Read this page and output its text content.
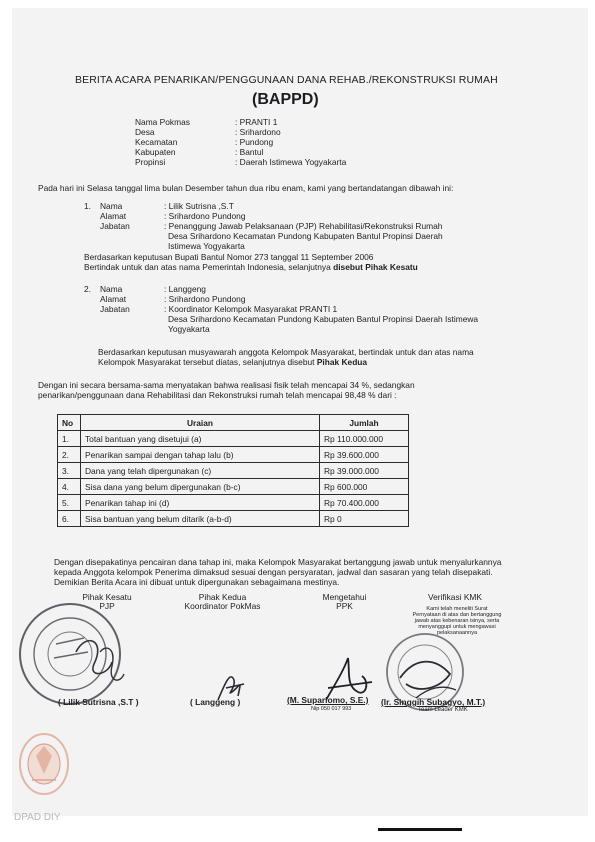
BERITA ACARA PENARIKAN/PENGGUNAAN DANA REHAB./REKONSTRUKSI RUMAH
(BAPPD)
Nama Pokmas	: PRANTI 1
Desa	: Srihardono
Kecamatan	: Pundong
Kabupaten	: Bantul
Propinsi	: Daerah Istimewa Yogyakarta
Pada hari ini Selasa tanggal lima bulan Desember tahun dua ribu enam, kami yang bertandatangan dibawah ini:
1.	Nama	: Lilik Sutrisna ,S.T
Alamat	: Srihardono Pundong
Jabatan	: Penanggung Jawab Pelaksanaan (PJP) Rehabilitasi/Rekonstruksi Rumah
Desa Srihardono Kecamatan Pundong Kabupaten Bantul Propinsi Daerah
Istimewa Yogyakarta
Berdasarkan keputusan Bupati Bantul Nomor 273 tanggal 11 September 2006
Bertindak untuk dan atas nama Pemerintah Indonesia, selanjutnya disebut Pihak Kesatu
2.	Nama	: Langgeng
Alamat	: Srihardono Pundong
Jabatan	: Koordinator Kelompok Masyarakat PRANTI 1
Desa Srihardono Kecamatan Pundong Kabupaten Bantul Propinsi Daerah Istimewa
Yogyakarta
Berdasarkan keputusan musyawarah anggota Kelompok Masyarakat, bertindak untuk dan atas nama
Kelompok Masyarakat tersebut diatas, selanjutnya disebut Pihak Kedua
Dengan ini secara bersama-sama menyatakan bahwa realisasi fisik telah mencapai 34 %, sedangkan
penarikan/penggunaan dana Rehabilitasi dan Rekonstruksi rumah telah mencapai 98,48 % dari :
No	Uraian	Jumlah
1.	Total bantuan yang disetujui (a)	Rp 110.000.000
2.	Penarikan sampai dengan tahap lalu (b)	Rp 39.600.000
3.	Dana yang telah dipergunakan (c)	Rp 39.000.000
4.	Sisa dana yang belum dipergunakan (b-c)	Rp 600.000
5.	Penarikan tahap ini (d)	Rp 70.400.000
6.	Sisa bantuan yang belum ditarik (a-b-d)	Rp 0
Dengan disepakatinya pencairan dana tahap ini, maka Kelompok Masyarakat bertanggung jawab untuk menyalurkannya
kepada Anggota kelompok Penerima dimaksud sesuai dengan persyaratan, jadwal dan sasaran yang telah disepakati.
Demikian Berita Acara ini dibuat untuk dipergunakan sebagaimana mestinya.
Pihak Kesatu
PJP
Pihak Kedua
Koordinator PokMas
Mengetahui
PPK
Verifikasi KMK
Kami telah meneliti Surat
Pernyataan di atas dan bertanggung
jawab atas kebenaran isinya, serta
menyanggupi untuk mengawasi
pelaksanaannya
( Lilik Sutrisna ,S.T )	( Langgeng )	(M. Suparlomo, S.E.)
Nip 050 017 993
(Ir. Singgih Subagyo, M.T.)
Team Leader KMK
DPAD DIY
